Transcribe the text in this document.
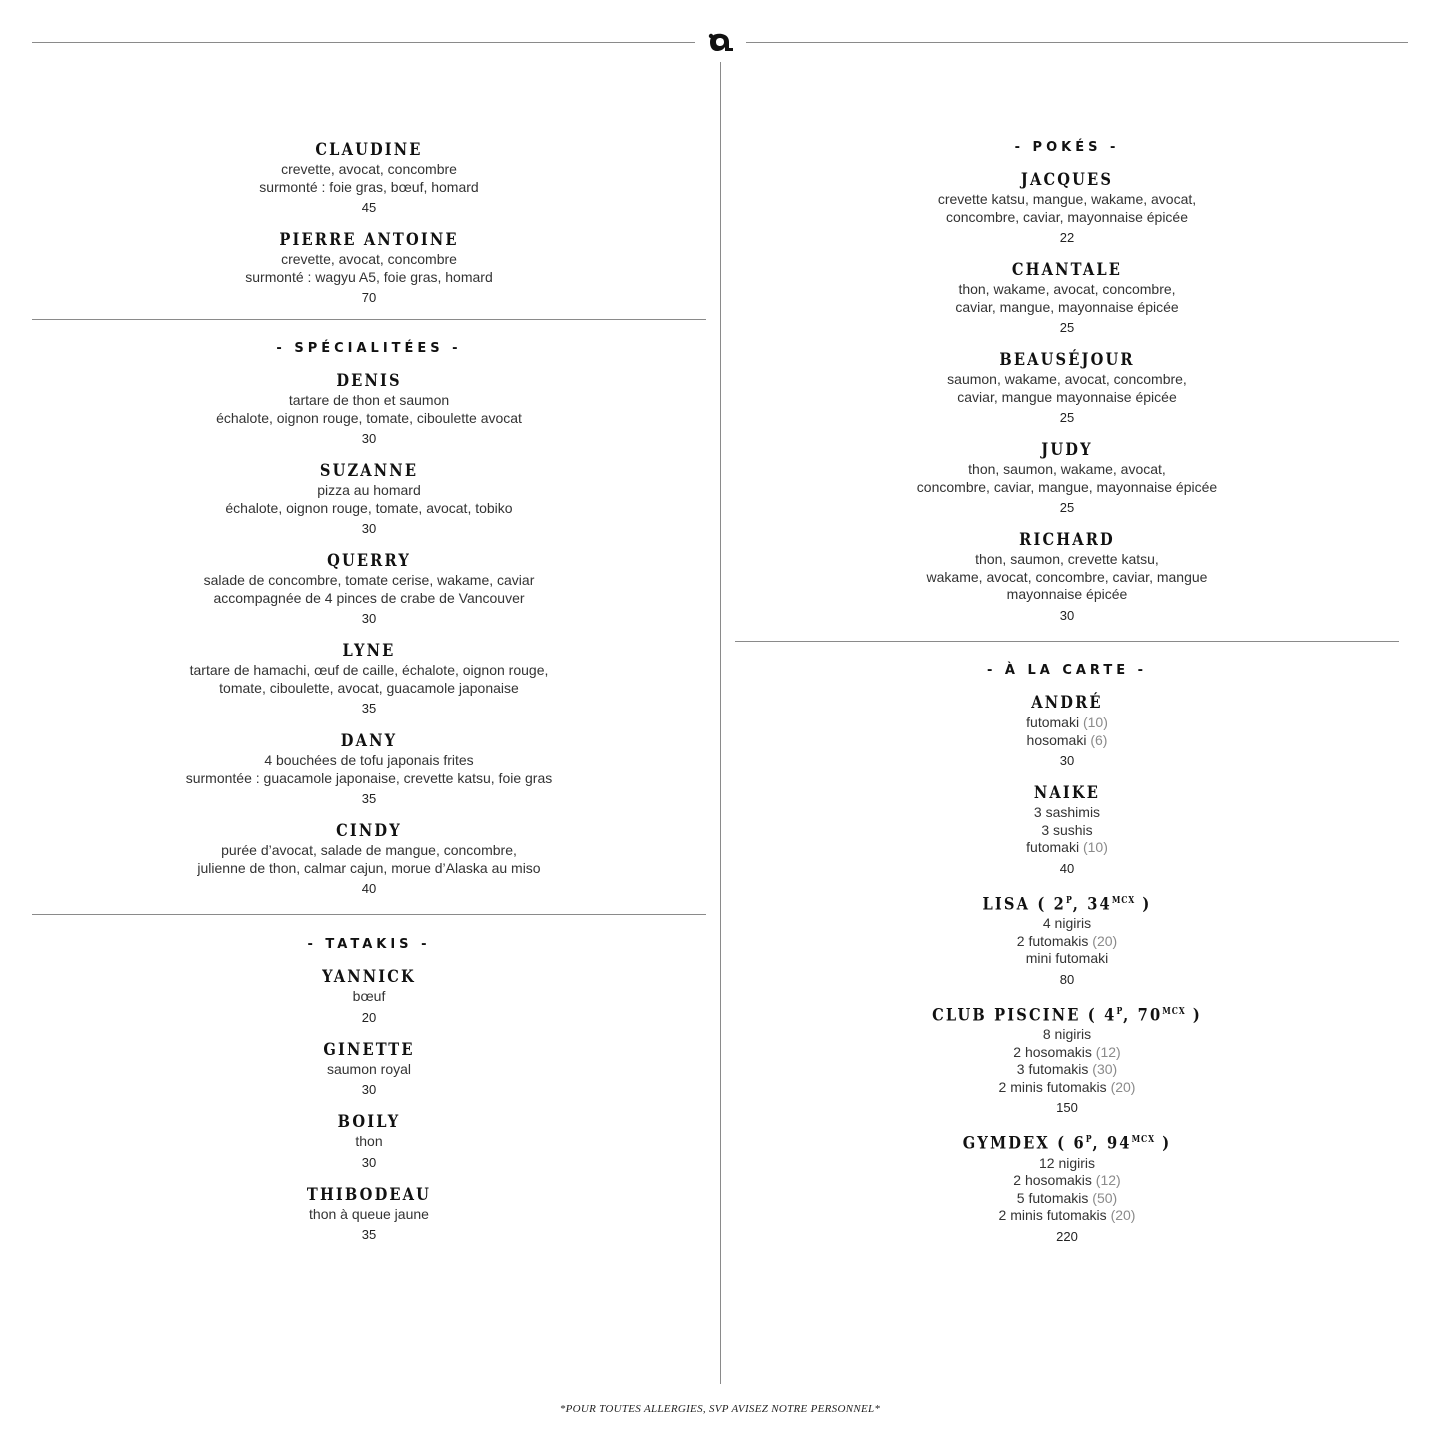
CLAUDINE
crevette, avocat, concombre
surmonté : foie gras, bœuf, homard
45
PIERRE ANTOINE
crevette, avocat, concombre
surmonté : wagyu A5, foie gras, homard
70
- SPÉCIALITÉES -
DENIS
tartare de thon et saumon
échalote, oignon rouge, tomate, ciboulette avocat
30
SUZANNE
pizza au homard
échalote, oignon rouge, tomate, avocat, tobiko
30
QUERRY
salade de concombre, tomate cerise, wakame, caviar
accompagnée de 4 pinces de crabe de Vancouver
30
LYNE
tartare de hamachi, œuf de caille, échalote, oignon rouge,
tomate, ciboulette, avocat, guacamole japonaise
35
DANY
4 bouchées de tofu japonais frites
surmontée : guacamole japonaise, crevette katsu, foie gras
35
CINDY
purée d’avocat, salade de mangue, concombre,
julienne de thon, calmar cajun, morue d’Alaska au miso
40
- TATAKIS -
YANNICK
bœuf
20
GINETTE
saumon royal
30
BOILY
thon
30
THIBODEAU
thon à queue jaune
35
- POKÉS -
JACQUES
crevette katsu, mangue, wakame, avocat,
concombre, caviar, mayonnaise épicée
22
CHANTALE
thon, wakame, avocat, concombre,
caviar, mangue, mayonnaise épicée
25
BEAUSÉJOUR
saumon, wakame, avocat, concombre,
caviar, mangue mayonnaise épicée
25
JUDY
thon, saumon, wakame, avocat,
concombre, caviar, mangue, mayonnaise épicée
25
RICHARD
thon, saumon, crevette katsu,
wakame, avocat, concombre, caviar, mangue
mayonnaise épicée
30
- À LA CARTE -
ANDRÉ
futomaki (10)
hosomaki (6)
30
NAIKE
3 sashimis
3 sushis
futomaki (10)
40
LISA ( $2^P$, $34^{MCX}$ )
4 nigiris
2 futomakis (20)
mini futomaki
80
CLUB PISCINE ( $4^P$, $70^{MCX}$ )
8 nigiris
2 hosomakis (12)
3 futomakis (30)
2 minis futomakis (20)
150
GYMDEX ( $6^P$, $94^{MCX}$ )
12 nigiris
2 hosomakis (12)
5 futomakis (50)
2 minis futomakis (20)
220
*POUR TOUTES ALLERGIES, SVP AVISEZ NOTRE PERSONNEL*
